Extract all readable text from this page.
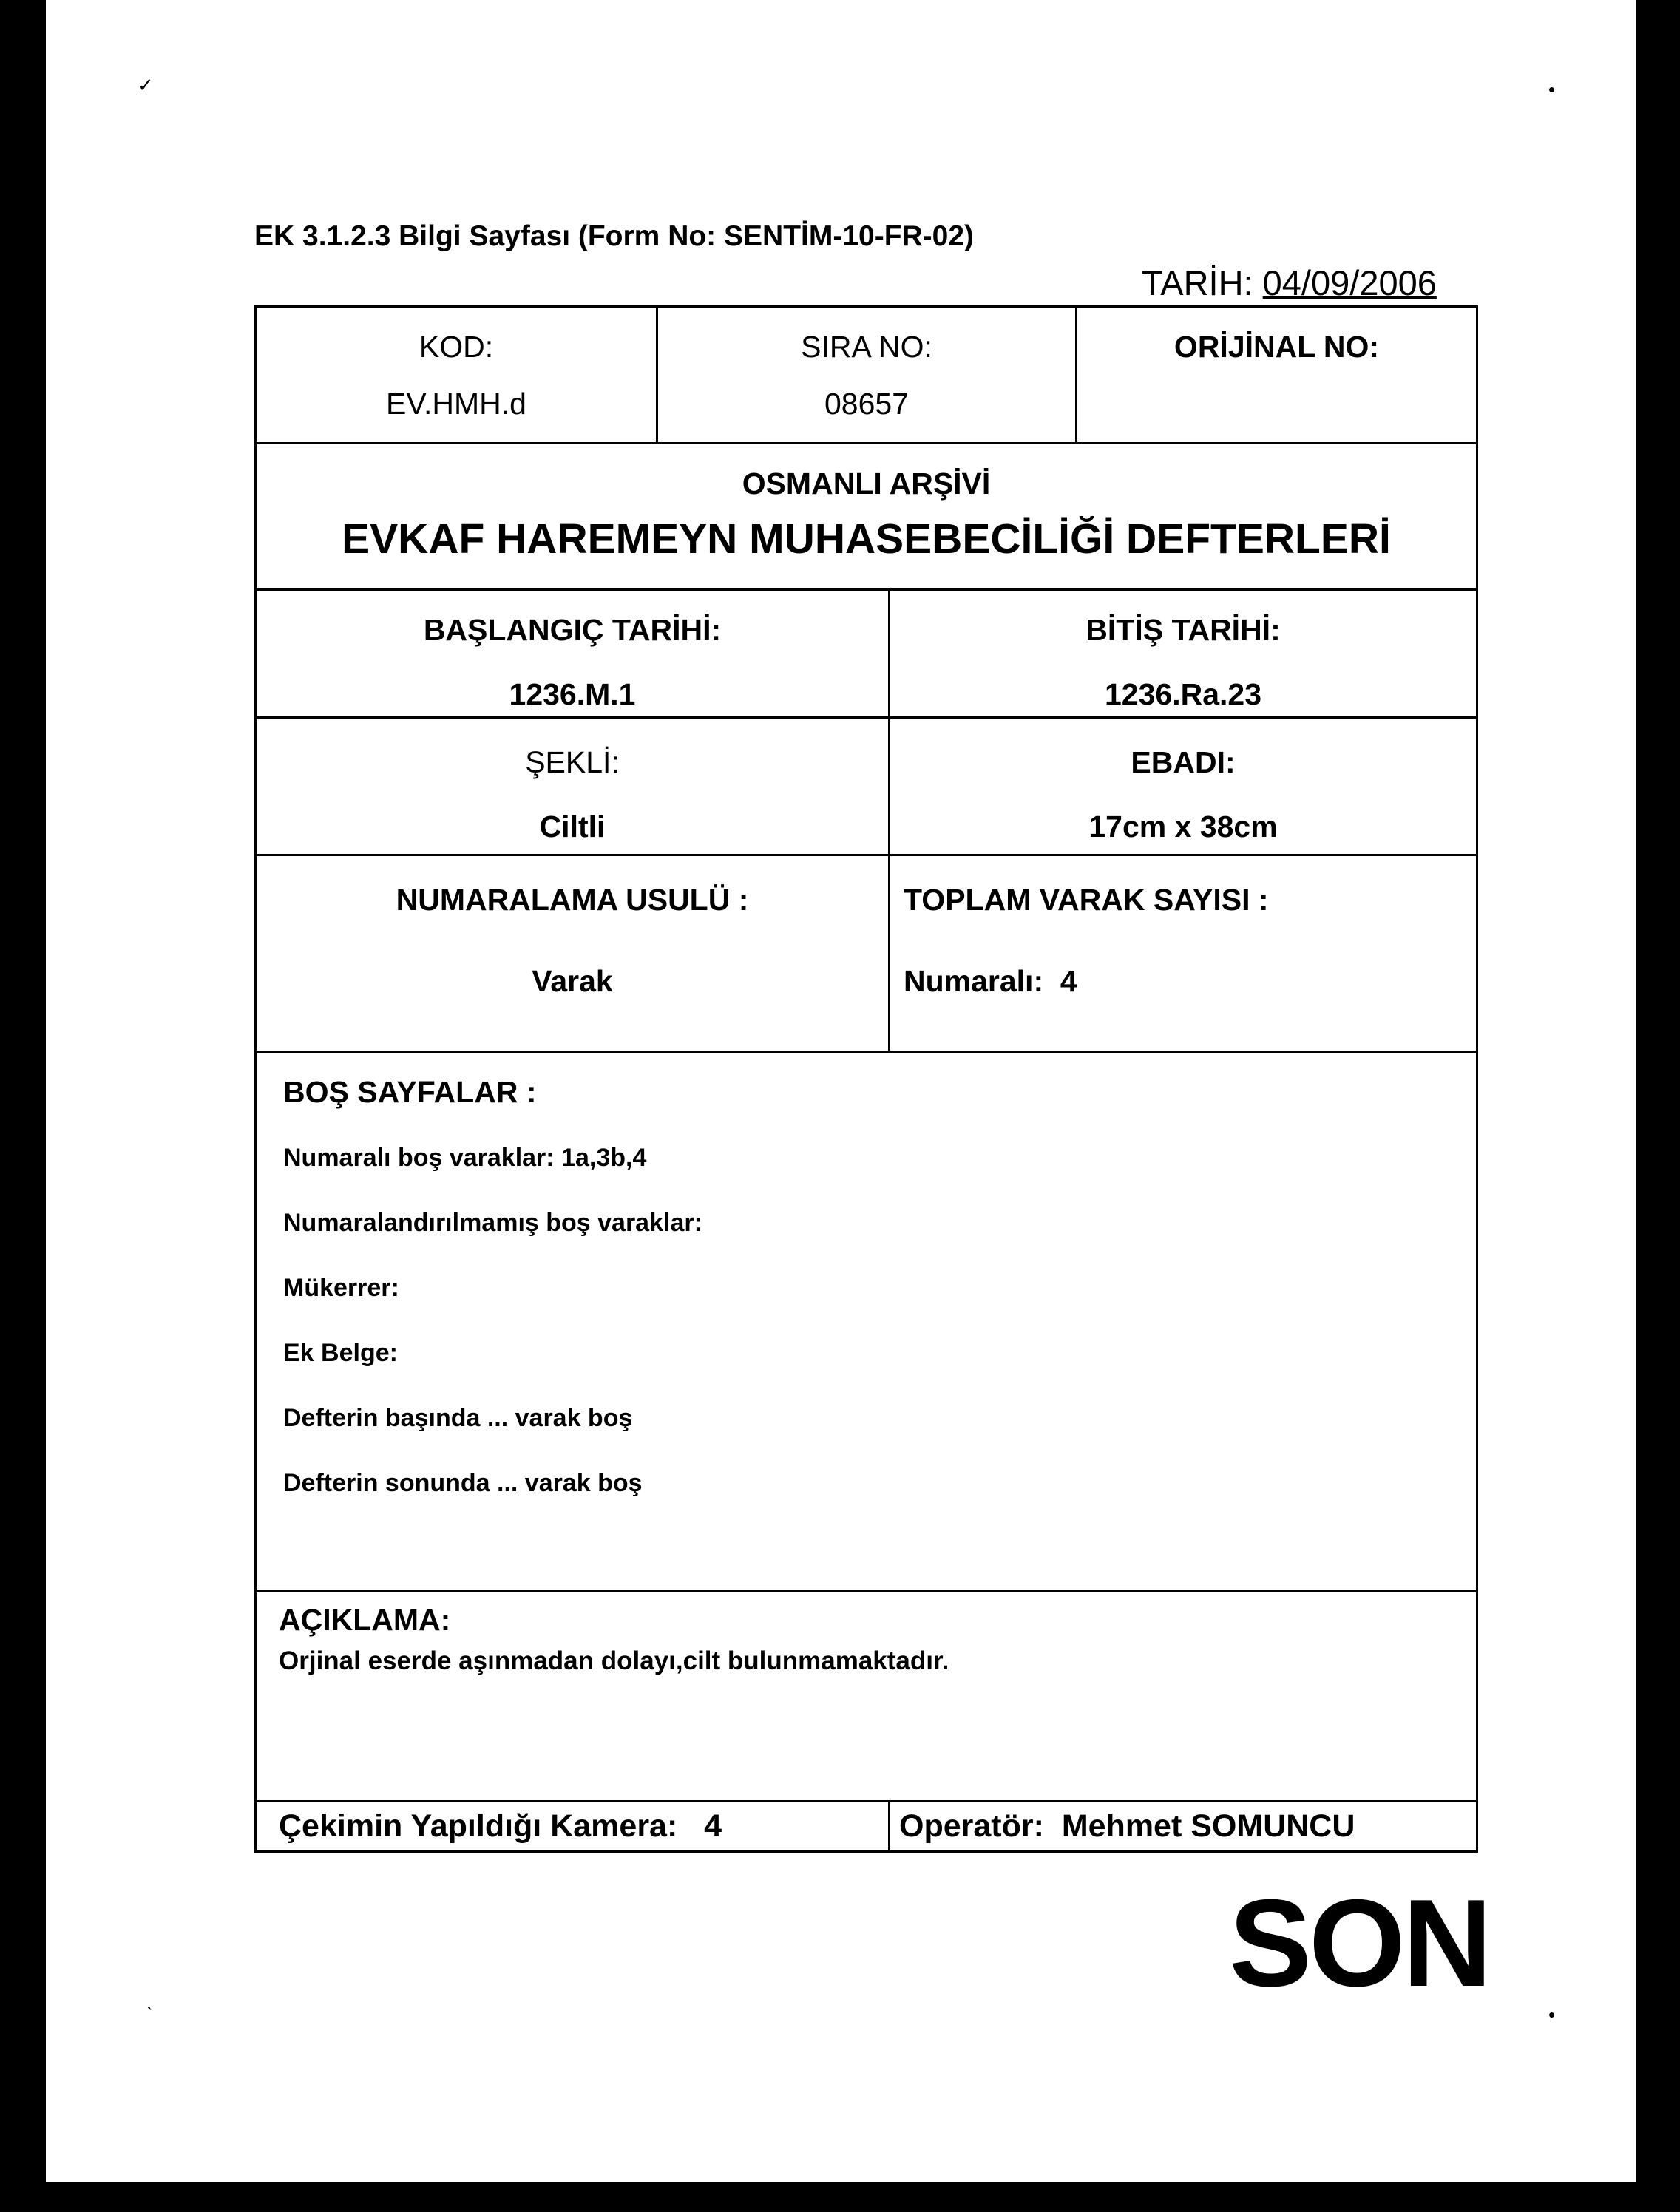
✓	•
ˋ	•
EK 3.1.2.3 Bilgi Sayfası (Form No: SENTİM-10-FR-02)
TARİH: 04/09/2006
KOD:
EV.HMH.d
SIRA NO:
08657
ORİJİNAL NO:
OSMANLI ARŞİVİ
EVKAF HAREMEYN MUHASEBECİLİĞİ DEFTERLERİ
BAŞLANGIÇ TARİHİ:
1236.M.1
BİTİŞ TARİHİ:
1236.Ra.23
ŞEKLİ:
Ciltli
EBADI:
17cm x 38cm
NUMARALAMA USULÜ :
Varak
TOPLAM VARAK SAYISI :
Numaralı: 4
BOŞ SAYFALAR :
Numaralı boş varaklar: 1a,3b,4
Numaralandırılmamış boş varaklar:
Mükerrer:
Ek Belge:
Defterin başında ... varak boş
Defterin sonunda ... varak boş
AÇIKLAMA:
Orjinal eserde aşınmadan dolayı,cilt bulunmamaktadır.
Çekimin Yapıldığı Kamera: 4	Operatör: Mehmet SOMUNCU
SON
